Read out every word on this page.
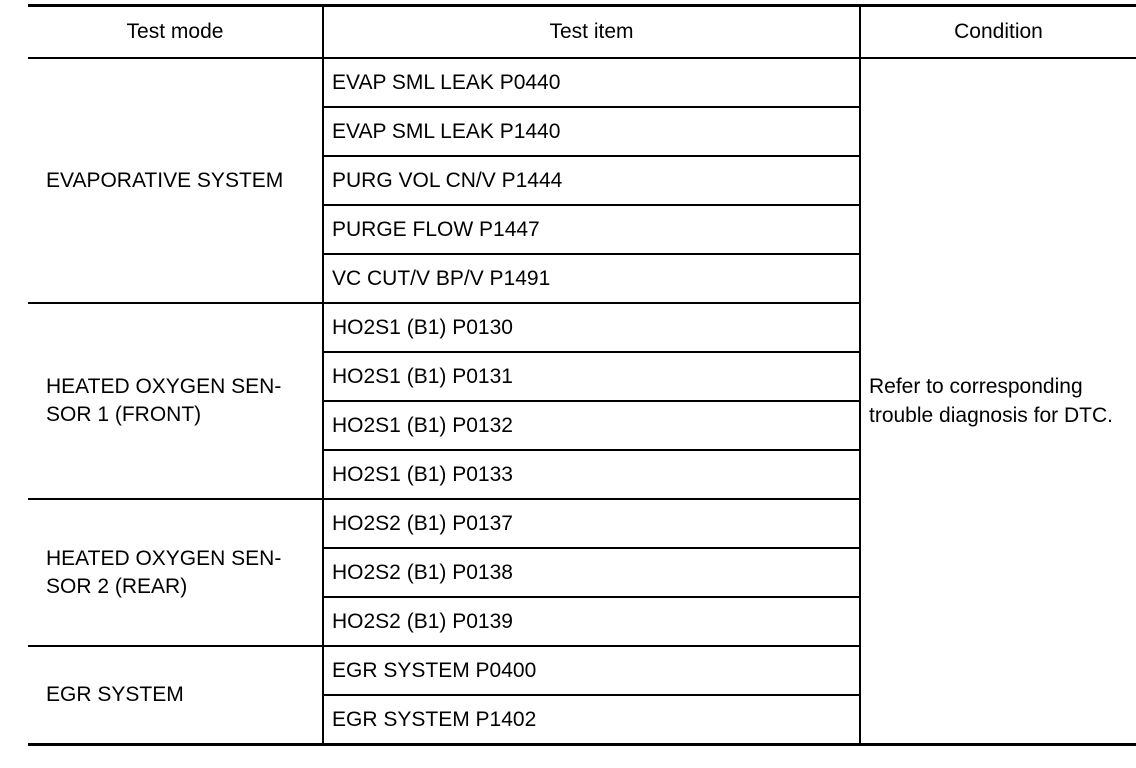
Test mode	Test item	Condition
EVAPORATIVE SYSTEM	EVAP SML LEAK P0440	Refer to corresponding trouble diagnosis for DTC.
	EVAP SML LEAK P1440	
	PURG VOL CN/V P1444	
	PURGE FLOW P1447	
	VC CUT/V BP/V P1491	
HEATED OXYGEN SEN-
SOR 1 (FRONT)	HO2S1 (B1) P0130	
	HO2S1 (B1) P0131	
	HO2S1 (B1) P0132	
	HO2S1 (B1) P0133	
HEATED OXYGEN SEN-
SOR 2 (REAR)	HO2S2 (B1) P0137	
	HO2S2 (B1) P0138	
	HO2S2 (B1) P0139	
EGR SYSTEM	EGR SYSTEM P0400	
	EGR SYSTEM P1402	
